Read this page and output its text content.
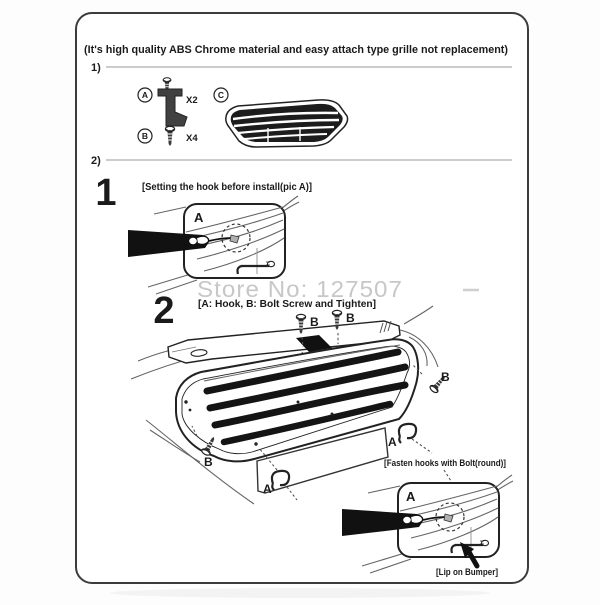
(It's high quality ABS Chrome material and easy attach type grille not replacement)
1)
A	X2
B	X4
C
2)
1	[Setting the hook before install(pic A)]
A
Store No: 127507
2 [A: Hook, B: Bolt Screw and Tighten]
B B
B
B
A
A
[Fasten hooks with Bolt(round)]
A
[Lip on Bumper]
